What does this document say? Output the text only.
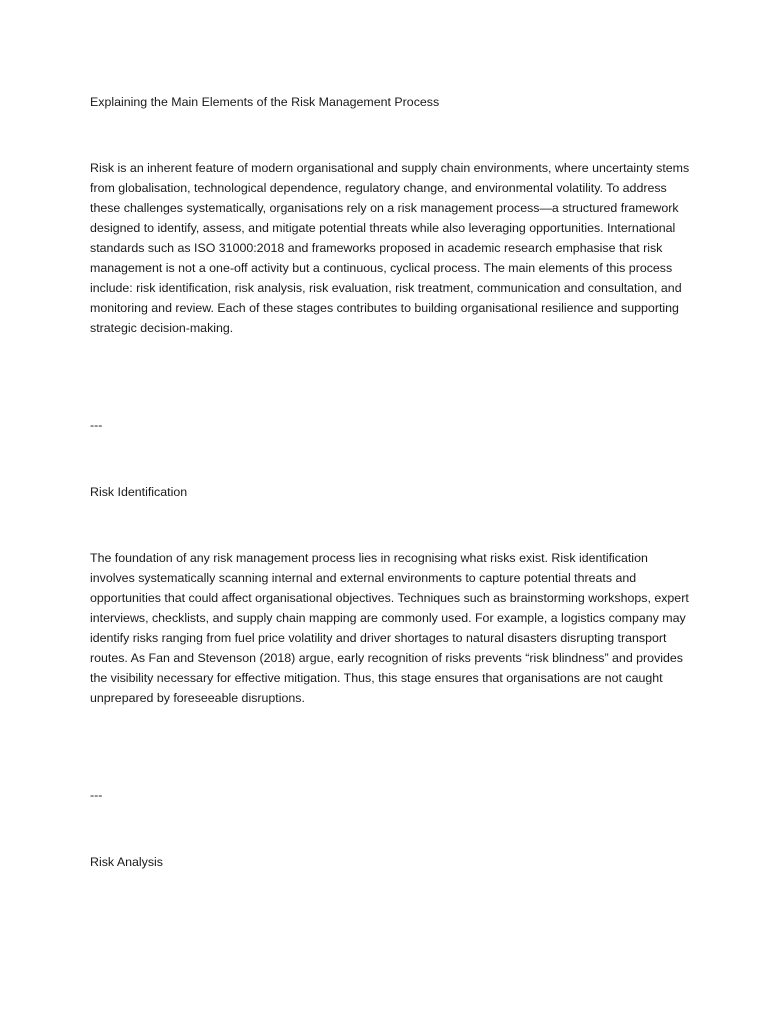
Explaining the Main Elements of the Risk Management Process

Risk is an inherent feature of modern organisational and supply chain environments, where uncertainty stems from globalisation, technological dependence, regulatory change, and environmental volatility. To address these challenges systematically, organisations rely on a risk management process—a structured framework designed to identify, assess, and mitigate potential threats while also leveraging opportunities. International standards such as ISO 31000:2018 and frameworks proposed in academic research emphasise that risk management is not a one-off activity but a continuous, cyclical process. The main elements of this process include: risk identification, risk analysis, risk evaluation, risk treatment, communication and consultation, and monitoring and review. Each of these stages contributes to building organisational resilience and supporting strategic decision-making.

---

Risk Identification

The foundation of any risk management process lies in recognising what risks exist. Risk identification involves systematically scanning internal and external environments to capture potential threats and opportunities that could affect organisational objectives. Techniques such as brainstorming workshops, expert interviews, checklists, and supply chain mapping are commonly used. For example, a logistics company may identify risks ranging from fuel price volatility and driver shortages to natural disasters disrupting transport routes. As Fan and Stevenson (2018) argue, early recognition of risks prevents “risk blindness” and provides the visibility necessary for effective mitigation. Thus, this stage ensures that organisations are not caught unprepared by foreseeable disruptions.

---

Risk Analysis
